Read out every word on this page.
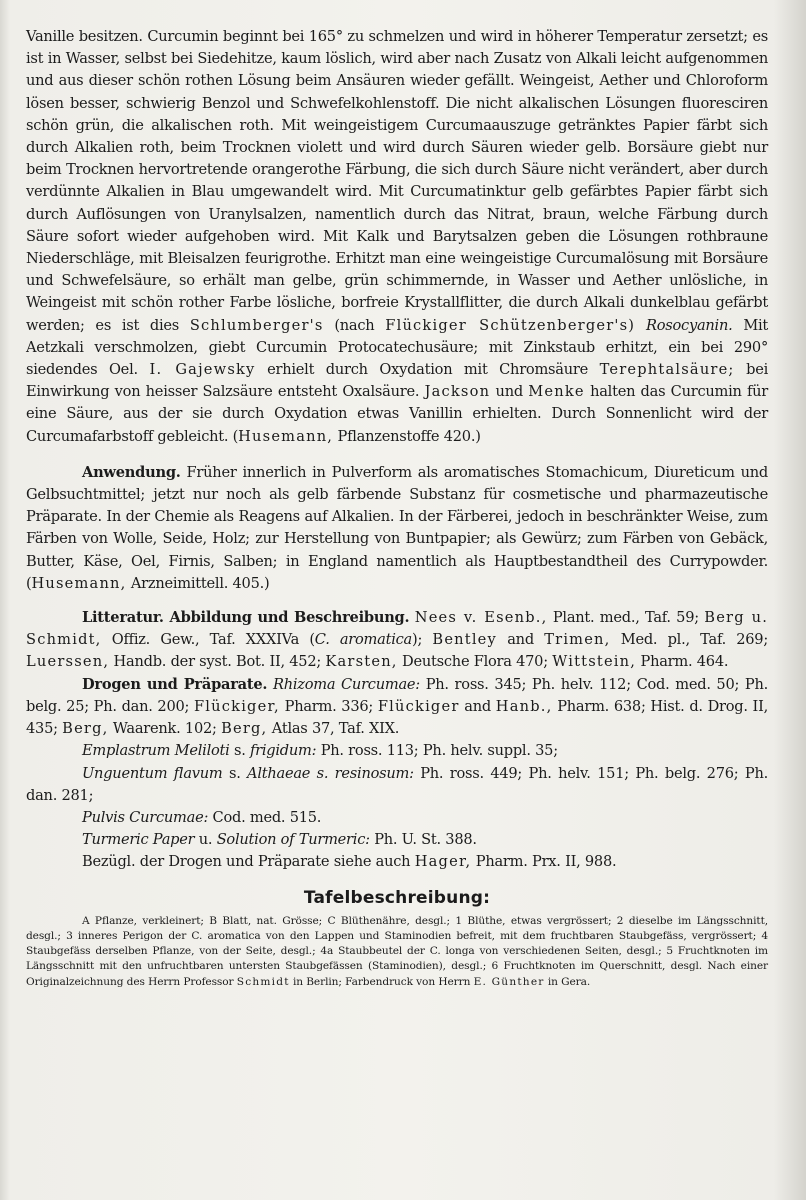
Vanille besitzen. Curcumin beginnt bei 165° zu schmelzen und wird in höherer Temperatur zersetzt; es ist in Wasser, selbst bei Siedehitze, kaum löslich, wird aber nach Zusatz von Alkali leicht aufgenommen und aus dieser schön rothen Lösung beim Ansäuren wieder gefällt. Weingeist, Aether und Chloroform lösen besser, schwierig Benzol und Schwefelkohlenstoff. Die nicht alkalischen Lösungen fluoresciren schön grün, die alkalischen roth. Mit weingeistigem Curcumaauszuge getränktes Papier färbt sich durch Alkalien roth, beim Trocknen violett und wird durch Säuren wieder gelb. Borsäure giebt nur beim Trocknen hervortretende orangerothe Färbung, die sich durch Säure nicht verändert, aber durch verdünnte Alkalien in Blau umgewandelt wird. Mit Curcumatinktur gelb gefärbtes Papier färbt sich durch Auflösungen von Uranylsalzen, namentlich durch das Nitrat, braun, welche Färbung durch Säure sofort wieder aufgehoben wird. Mit Kalk und Barytsalzen geben die Lösungen rothbraune Niederschläge, mit Bleisalzen feurigrothe. Erhitzt man eine weingeistige Curcumalösung mit Borsäure und Schwefelsäure, so erhält man gelbe, grün schimmernde, in Wasser und Aether unlösliche, in Weingeist mit schön rother Farbe lösliche, borfreie Krystallflitter, die durch Alkali dunkelblau gefärbt werden; es ist dies Schlumberger's (nach Flückiger Schützenberger's) Rosocyanin. Mit Aetzkali verschmolzen, giebt Curcumin Protocatechusäure; mit Zinkstaub erhitzt, ein bei 290° siedendes Oel. I. Gajewsky erhielt durch Oxydation mit Chromsäure Terephtalsäure; bei Einwirkung von heisser Salzsäure entsteht Oxalsäure. Jackson und Menke halten das Curcumin für eine Säure, aus der sie durch Oxydation etwas Vanillin erhielten. Durch Sonnenlicht wird der Curcumafarbstoff gebleicht. (Husemann, Pflanzenstoffe 420.)

Anwendung. Früher innerlich in Pulverform als aromatisches Stomachicum, Diureticum und Gelbsuchtmittel; jetzt nur noch als gelb färbende Substanz für cosmetische und pharmazeutische Präparate. In der Chemie als Reagens auf Alkalien. In der Färberei, jedoch in beschränkter Weise, zum Färben von Wolle, Seide, Holz; zur Herstellung von Buntpapier; als Gewürz; zum Färben von Gebäck, Butter, Käse, Oel, Firnis, Salben; in England namentlich als Hauptbestandtheil des Currypowder. (Husemann, Arzneimittell. 405.)

Litteratur. Abbildung und Beschreibung. Nees v. Esenb., Plant. med., Taf. 59; Berg u. Schmidt, Offiz. Gew., Taf. XXXIVa (C. aromatica); Bentley and Trimen, Med. pl., Taf. 269; Luerssen, Handb. der syst. Bot. II, 452; Karsten, Deutsche Flora 470; Wittstein, Pharm. 464.

Drogen und Präparate. Rhizoma Curcumae: Ph. ross. 345; Ph. helv. 112; Cod. med. 50; Ph. belg. 25; Ph. dan. 200; Flückiger, Pharm. 336; Flückiger and Hanb., Pharm. 638; Hist. d. Drog. II, 435; Berg, Waarenk. 102; Berg, Atlas 37, Taf. XIX.

Emplastrum Meliloti s. frigidum: Ph. ross. 113; Ph. helv. suppl. 35;

Unguentum flavum s. Althaeae s. resinosum: Ph. ross. 449; Ph. helv. 151; Ph. belg. 276; Ph. dan. 281;

Pulvis Curcumae: Cod. med. 515.

Turmeric Paper u. Solution of Turmeric: Ph. U. St. 388.

Bezügl. der Drogen und Präparate siehe auch Hager, Pharm. Prx. II, 988.

Tafelbeschreibung:

A Pflanze, verkleinert; B Blatt, nat. Grösse; C Blüthenähre, desgl.; 1 Blüthe, etwas vergrössert; 2 dieselbe im Längsschnitt, desgl.; 3 inneres Perigon der C. aromatica von den Lappen und Staminodien befreit, mit dem fruchtbaren Staubgefäss, vergrössert; 4 Staubgefäss derselben Pflanze, von der Seite, desgl.; 4a Staubbeutel der C. longa von verschiedenen Seiten, desgl.; 5 Fruchtknoten im Längsschnitt mit den unfruchtbaren untersten Staubgefässen (Staminodien), desgl.; 6 Fruchtknoten im Querschnitt, desgl. Nach einer Originalzeichnung des Herrn Professor Schmidt in Berlin; Farbendruck von Herrn E. Günther in Gera.
